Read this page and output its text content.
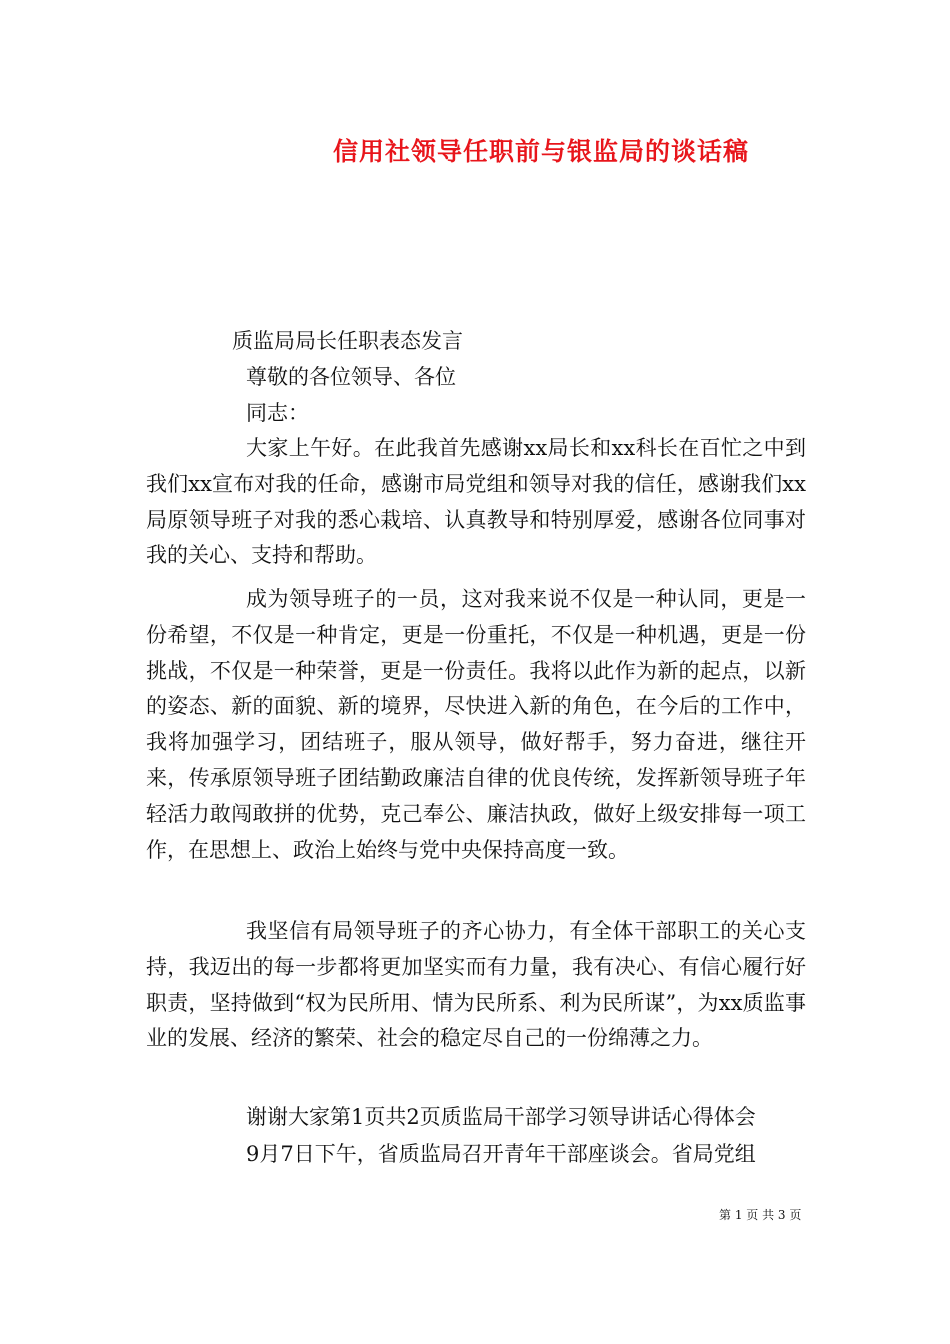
信用社领导任职前与银监局的谈话稿
质监局局长任职表态发言
尊敬的各位领导、各位
同志：

大家上午好。在此我首先感谢xx局长和xx科长在百忙之中到我们xx宣布对我的任命，感谢市局党组和领导对我的信任，感谢我们xx局原领导班子对我的悉心栽培、认真教导和特别厚爱，感谢各位同事对我的关心、支持和帮助。

成为领导班子的一员，这对我来说不仅是一种认同，更是一份希望，不仅是一种肯定，更是一份重托，不仅是一种机遇，更是一份挑战，不仅是一种荣誉，更是一份责任。我将以此作为新的起点，以新的姿态、新的面貌、新的境界，尽快进入新的角色，在今后的工作中，我将加强学习，团结班子，服从领导，做好帮手，努力奋进，继往开来，传承原领导班子团结勤政廉洁自律的优良传统，发挥新领导班子年轻活力敢闯敢拼的优势，克己奉公、廉洁执政，做好上级安排每一项工作，在思想上、政治上始终与党中央保持高度一致。

我坚信有局领导班子的齐心协力，有全体干部职工的关心支持，我迈出的每一步都将更加坚实而有力量，我有决心、有信心履行好职责，坚持做到“权为民所用、情为民所系、利为民所谋”，为xx质监事业的发展、经济的繁荣、社会的稳定尽自己的一份绵薄之力。

谢谢大家第1页共2页质监局干部学习领导讲话心得体会
9月7日下午，省质监局召开青年干部座谈会。省局党组
第 1 页 共 3 页
